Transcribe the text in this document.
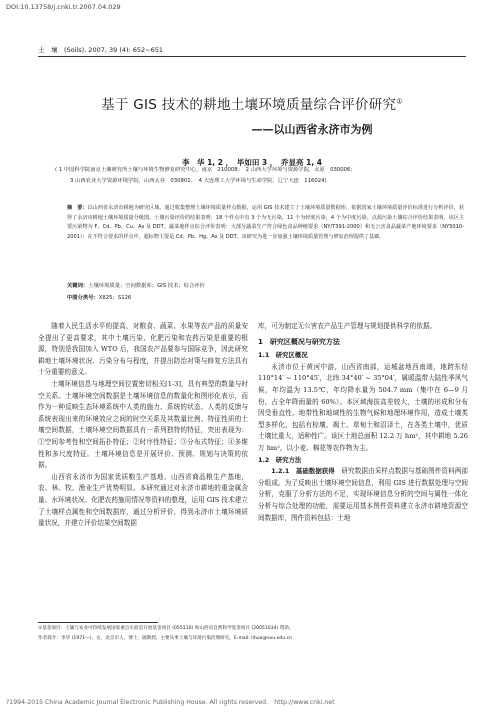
DOI:10.13758/j.cnki.tr.2007.04.029
土　壤　(Soils), 2007, 39 (4): 652~651
基于 GIS 技术的耕地土壤环境质量综合评价研究①
——以山西省永济市为例
李　华 1, 2 ，　毕如田 3 ，　乔显亮 1, 4
( 1 中国科学院南京土壤研究所土壤与环境生物修复研究中心，南京　210008；　2 山西大学环境与资源学院，太原　030006；
3 山西农业大学资源环境学院，山西太谷　030801；　4 大连理工大学环境与生命学院，辽宁大连　116024)
摘　要：以山西省永济市耕地为研究区域，通过收集整理土壤环境质量样点数据，运用 GIS 技术建立了土壤环境质量数据库，依据国家土壤环境质量评价标准进行分析评价，获得了永济市耕地土壤环境质量分级图。土壤污染评价的结果表明：18 个样点中有 3 个为无污染，11 个为轻度污染，4 个为中度污染。点源污染土壤综合评价结果表明，该区主要污染物为 F、Cd、Pb、Cu、As 及 DDT。蔬菜地样点综合评价表明：大部分蔬菜生产符合绿色食品种植要求（NY/T391-2000）和无公害食品蔬菜产地环境要求（NY5010-2001）；在不符合要求的样点中，超标物主要是 Cd、Pb、Hg、As 及 DDT。该研究为进一步加强土壤环境质量管理与修复治理提供了基础。
关键词：土壤环境质量；空间数据库；GIS 技术；综合评价
中图分类号：X825；S126

随着人民生活水平的提高，对粮食、蔬菜、水果等农产品的质量安全提出了更高要求，其中土壤污染、化肥污染和农药污染是重要的根源，特别是我国加入 WTO 后，我国农产品要参与国际竞争，因此研究耕地土壤环境状况、污染分布与程度，并提出防治对策与修复方法具有十分重要的意义。

土壤环境信息与地理空间位置密切相关[1-3]，具有典型的数量与时空关系。土壤环境空间数据是土壤环境信息的数量化和图形化表示，而作为一种反映生态环境系统中人类的施力、系统的状态、人类的反馈与系统表现出来的环境效应之间的时空关系及其数量比例、特征性质的土壤空间数据，土壤环境空间数据具有一系列独特的特征，突出表现为：①空间参考性和空间拓扑特征；②时序性特征；③分布式特征；④多维性和多尺度特征。土壤环境信息是开展评价、预测、规划与决策的依据。

山西省永济市为国家优质粮生产基地、山西省商品粮生产基地，农、林、牧、渔业生产优势明显。本研究通过对永济市耕地的重金属含量、水环境状况、化肥农药施用情况等资料的整理，运用 GIS 技术建立了土壤样点属性和空间数据库，通过分析评价，得到永济市土壤环境质量状况，并建立评价结果空间数据

库，可为制定无公害农产品生产管理与规划提供科学的依据。

1　研究区概况与研究方法

1.1　研究区概况

永济市位于黄河中游，山西省南部，运城盆地西南端，地跨东经 110°14′ ~ 110°45′，北纬 34°40′ ~ 35°04′，属暖温带大陆性季风气候，年均温为 13.5℃，年均降水量为 504.7 mm（集中在 6—9 月份，占全年降雨量的 60%）。本区域海拔高差较大，土壤的形成和分布因受垂直性、地带性和地域性的生物气候和地理环境作用，造成土壤类型多样化，包括有棕壤、褐土、草甸土和沼泽土，在各类土壤中，优质土壤比重大，适种性广。该区土地总面积 12.2 万 hm²，其中耕地 5.26 万 hm²，以小麦、棉花等农作物为主。

1.2　研究方法

1.2.1　基础数据获得　 研究数据由采样点数据与基础图件资料两部分组成。为了反映出土壤环境空间信息，利用 GIS 进行数据处理与空间分析，克服了分析方法的不足，实现环境信息分析的空间与属性一体化分析与综合处理的功能，需要运用基本图件资料建立永济市耕地资源空间数据库，图件资料包括：土地

①基金项目：土壤与农业可持续发展国家重点实验室开放基金项目 (055110) 和山西省自然科学基金项目 (20051034) 资助。
作者简介：李华 (1971—)，女，北京市人，博士，副教授，主要从事土壤与环境污染治理研究。E-mail: lihua@sxu.edu.cn
?1994-2015 China Academic Journal Electronic Publishing House. All rights reserved.　http://www.cnki.net
